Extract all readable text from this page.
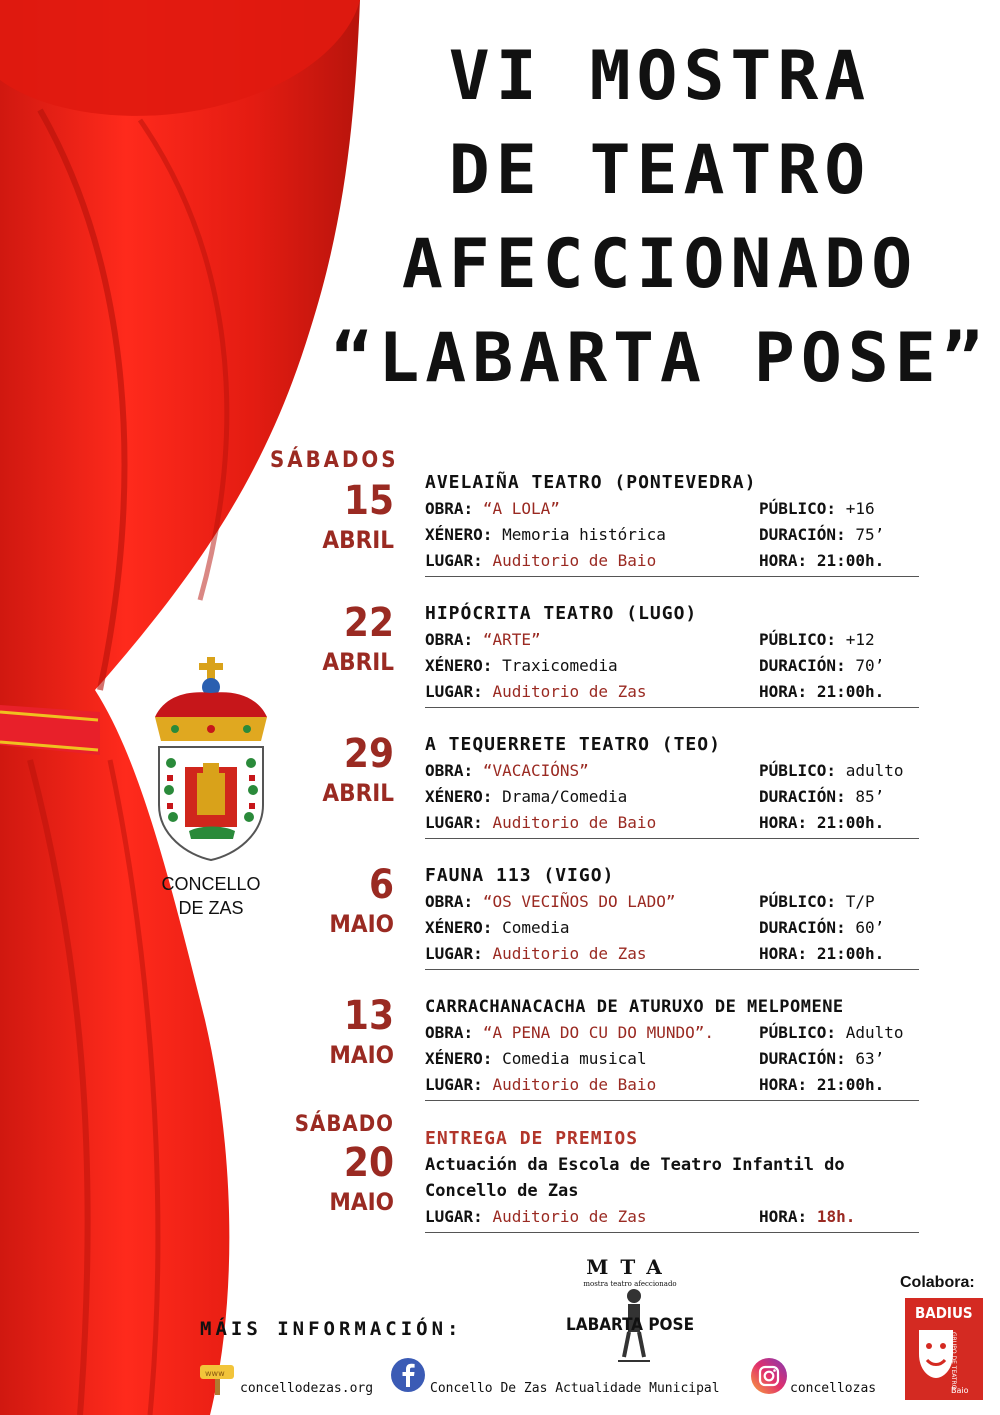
VI MOSTRA
DE TEATRO
AFECCIONADO
“LABARTA POSE”
SÁBADOS
15
ABRIL
AVELAIÑA TEATRO (PONTEVEDRA)
OBRA: “A LOLA”	PÚBLICO: +16
XÉNERO: Memoria histórica	DURACIÓN: 75’
LUGAR: Auditorio de Baio	HORA: 21:00h.
22
ABRIL
HIPÓCRITA TEATRO (LUGO)
OBRA: “ARTE”	PÚBLICO: +12
XÉNERO: Traxicomedia	DURACIÓN: 70’
LUGAR: Auditorio de Zas	HORA: 21:00h.
29
ABRIL
A TEQUERRETE TEATRO (TEO)
OBRA: “VACACIÓNS”	PÚBLICO: adulto
XÉNERO: Drama/Comedia	DURACIÓN: 85’
LUGAR: Auditorio de Baio	HORA: 21:00h.
6
MAIO
FAUNA 113 (VIGO)
OBRA: “OS VECIÑOS DO LADO”	PÚBLICO: T/P
XÉNERO: Comedia	DURACIÓN: 60’
LUGAR: Auditorio de Zas	HORA: 21:00h.
13
MAIO
CARRACHANACACHA DE ATURUXO DE MELPOMENE
OBRA: “A PENA DO CU DO MUNDO”.	PÚBLICO: Adulto
XÉNERO: Comedia musical	DURACIÓN: 63’
LUGAR: Auditorio de Baio	HORA: 21:00h.
SÁBADO
20
MAIO
ENTREGA DE PREMIOS
Actuación da Escola de Teatro Infantil do Concello de Zas
LUGAR: Auditorio de Zas	HORA: 18h.
CONCELLO
DE ZAS
MTA
mostra teatro afeccionado
LABARTA POSE
Colabora:
BADIUS
GRUPO DE TEATRO
Baio
MÁIS INFORMACIÓN:
www
concellodezas.org	Concello De Zas Actualidade Municipal	concellozas
